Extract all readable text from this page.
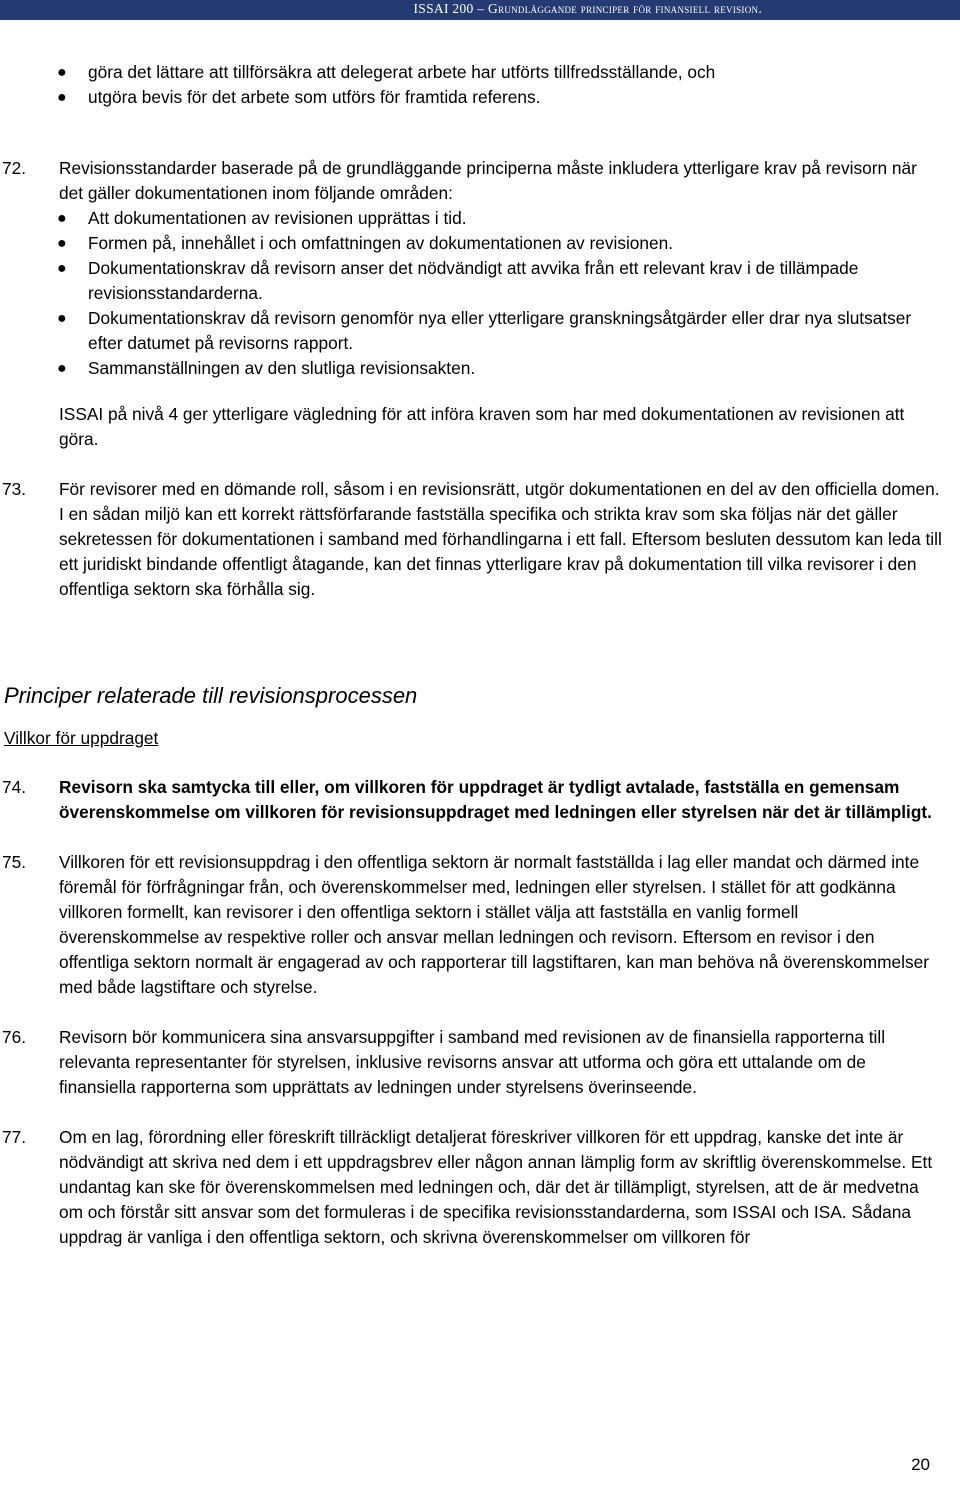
ISSAI 200 – Grundläggande principer för finansiell revision.

● göra det lättare att tillförsäkra att delegerat arbete har utförts tillfredsställande, och

● utgöra bevis för det arbete som utförs för framtida referens.

72. Revisionsstandarder baserade på de grundläggande principerna måste inkludera ytterligare krav på revisorn när det gäller dokumentationen inom följande områden:

● Att dokumentationen av revisionen upprättas i tid.

● Formen på, innehållet i och omfattningen av dokumentationen av revisionen.

● Dokumentationskrav då revisorn anser det nödvändigt att avvika från ett relevant krav i de tillämpade revisionsstandarderna.

● Dokumentationskrav då revisorn genomför nya eller ytterligare granskningsåtgärder eller drar nya slutsatser efter datumet på revisorns rapport.

● Sammanställningen av den slutliga revisionsakten.

ISSAI på nivå 4 ger ytterligare vägledning för att införa kraven som har med dokumentationen av revisionen att göra.
73. För revisorer med en dömande roll, såsom i en revisionsrätt, utgör dokumentationen en del av den officiella domen. I en sådan miljö kan ett korrekt rättsförfarande fastställa specifika och strikta krav som ska följas när det gäller sekretessen för dokumentationen i samband med förhandlingarna i ett fall. Eftersom besluten dessutom kan leda till ett juridiskt bindande offentligt åtagande, kan det finnas ytterligare krav på dokumentation till vilka revisorer i den offentliga sektorn ska förhålla sig.

Principer relaterade till revisionsprocessen

Villkor för uppdraget

74. Revisorn ska samtycka till eller, om villkoren för uppdraget är tydligt avtalade, fastställa en gemensam överenskommelse om villkoren för revisionsuppdraget med ledningen eller styrelsen när det är tillämpligt.
75. Villkoren för ett revisionsuppdrag i den offentliga sektorn är normalt fastställda i lag eller mandat och därmed inte föremål för förfrågningar från, och överenskommelser med, ledningen eller styrelsen. I stället för att godkänna villkoren formellt, kan revisorer i den offentliga sektorn i stället välja att fastställa en vanlig formell överenskommelse av respektive roller och ansvar mellan ledningen och revisorn. Eftersom en revisor i den offentliga sektorn normalt är engagerad av och rapporterar till lagstiftaren, kan man behöva nå överenskommelser med både lagstiftare och styrelse.
76. Revisorn bör kommunicera sina ansvarsuppgifter i samband med revisionen av de finansiella rapporterna till relevanta representanter för styrelsen, inklusive revisorns ansvar att utforma och göra ett uttalande om de finansiella rapporterna som upprättats av ledningen under styrelsens överinseende.
77. Om en lag, förordning eller föreskrift tillräckligt detaljerat föreskriver villkoren för ett uppdrag, kanske det inte är nödvändigt att skriva ned dem i ett uppdragsbrev eller någon annan lämplig form av skriftlig överenskommelse. Ett undantag kan ske för överenskommelsen med ledningen och, där det är tillämpligt, styrelsen, att de är medvetna om och förstår sitt ansvar som det formuleras i de specifika revisionsstandarderna, som ISSAI och ISA. Sådana uppdrag är vanliga i den offentliga sektorn, och skrivna överenskommelser om villkoren för
20
